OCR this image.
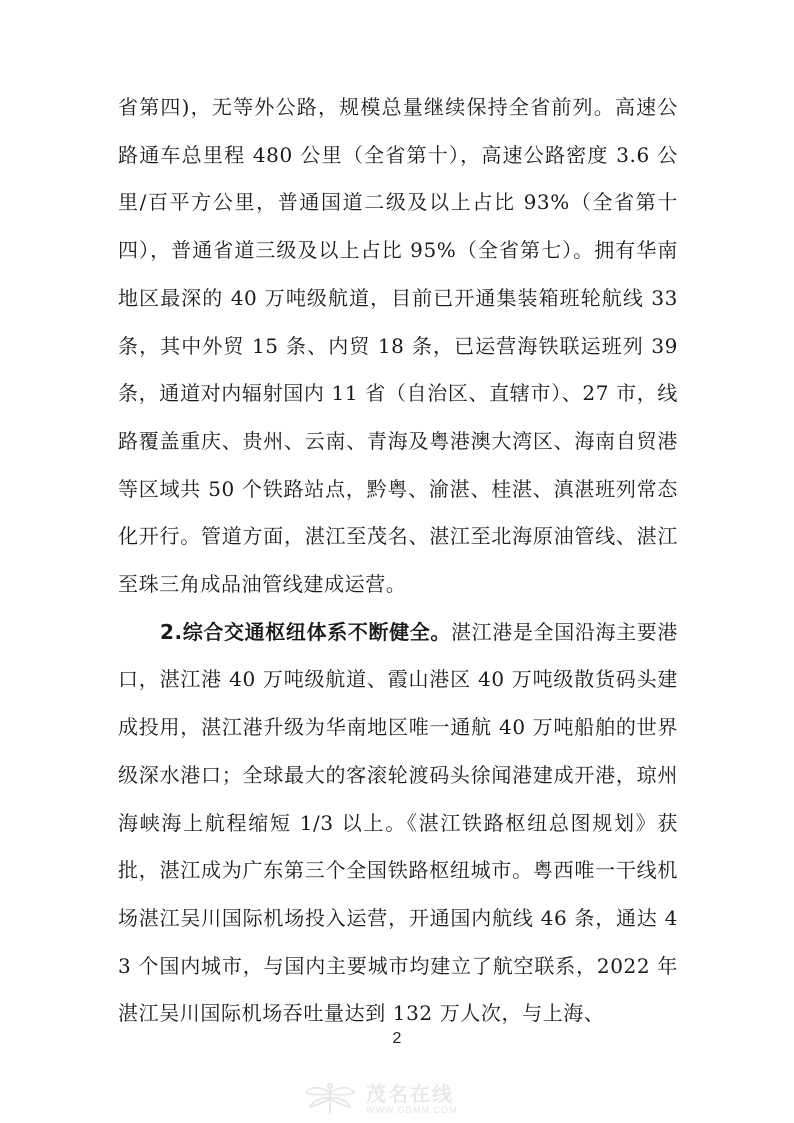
省第四)，无等外公路，规模总量继续保持全省前列。高速公路通车总里程 480 公里（全省第十），高速公路密度 3.6 公里/百平方公里，普通国道二级及以上占比 93%（全省第十四），普通省道三级及以上占比 95%（全省第七）。拥有华南地区最深的 40 万吨级航道，目前已开通集装箱班轮航线 33 条，其中外贸 15 条、内贸 18 条，已运营海铁联运班列 39 条，通道对内辐射国内 11 省（自治区、直辖市）、27 市，线路覆盖重庆、贵州、云南、青海及粤港澳大湾区、海南自贸港等区域共 50 个铁路站点，黔粤、渝湛、桂湛、滇湛班列常态化开行。管道方面，湛江至茂名、湛江至北海原油管线、湛江至珠三角成品油管线建成运营。

2.综合交通枢纽体系不断健全。湛江港是全国沿海主要港口，湛江港 40 万吨级航道、霞山港区 40 万吨级散货码头建成投用，湛江港升级为华南地区唯一通航 40 万吨船舶的世界级深水港口；全球最大的客滚轮渡码头徐闻港建成开港，琼州海峡海上航程缩短 1/3 以上。《湛江铁路枢纽总图规划》获批，湛江成为广东第三个全国铁路枢纽城市。粤西唯一干线机场湛江吴川国际机场投入运营，开通国内航线 46 条，通达 43 个国内城市，与国内主要城市均建立了航空联系，2022 年湛江吴川国际机场吞吐量达到 132 万人次，与上海、

2
茂名在线
WWW.GDMM.COM
